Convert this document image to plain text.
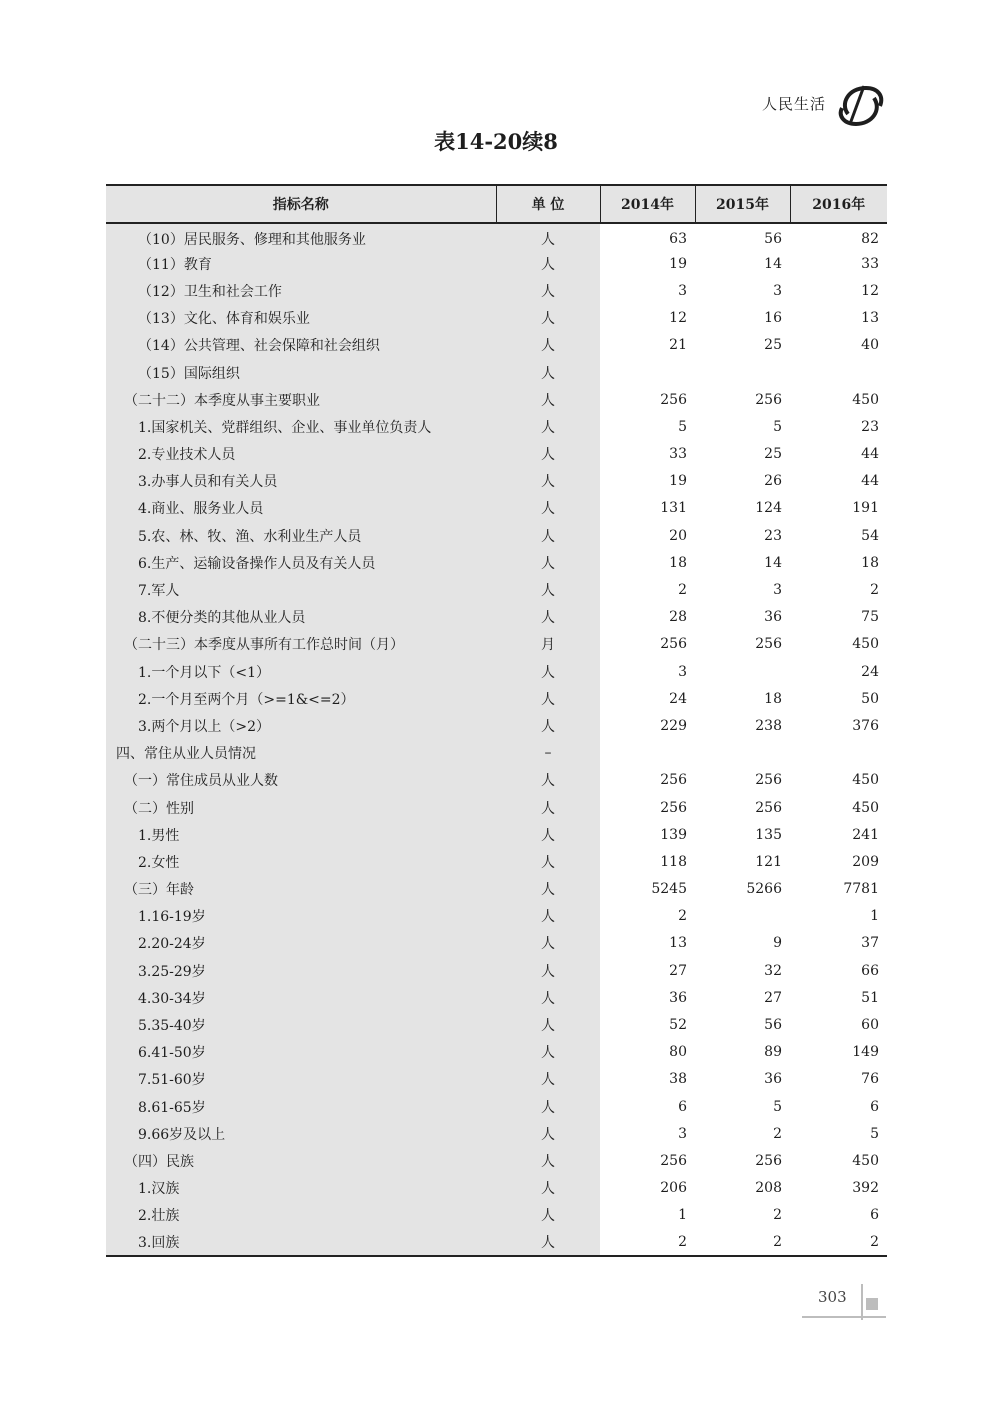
人民生活
表14-20续8
指标名称	单 位	2014年	2015年	2016年
（10）居民服务、修理和其他服务业	人	63	56	82
（11）教育	人	19	14	33
（12）卫生和社会工作	人	3	3	12
（13）文化、体育和娱乐业	人	12	16	13
（14）公共管理、社会保障和社会组织	人	21	25	40
（15）国际组织	人			
（二十二）本季度从事主要职业	人	256	256	450
1.国家机关、党群组织、企业、事业单位负责人	人	5	5	23
2.专业技术人员	人	33	25	44
3.办事人员和有关人员	人	19	26	44
4.商业、服务业人员	人	131	124	191
5.农、林、牧、渔、水利业生产人员	人	20	23	54
6.生产、运输设备操作人员及有关人员	人	18	14	18
7.军人	人	2	3	2
8.不便分类的其他从业人员	人	28	36	75
（二十三）本季度从事所有工作总时间（月）	月	256	256	450
1.一个月以下（<1）	人	3		24
2.一个月至两个月（>=1&<=2）	人	24	18	50
3.两个月以上（>2）	人	229	238	376
四、常住从业人员情况	–			
（一）常住成员从业人数	人	256	256	450
（二）性别	人	256	256	450
1.男性	人	139	135	241
2.女性	人	118	121	209
（三）年龄	人	5245	5266	7781
1.16-19岁	人	2		1
2.20-24岁	人	13	9	37
3.25-29岁	人	27	32	66
4.30-34岁	人	36	27	51
5.35-40岁	人	52	56	60
6.41-50岁	人	80	89	149
7.51-60岁	人	38	36	76
8.61-65岁	人	6	5	6
9.66岁及以上	人	3	2	5
（四）民族	人	256	256	450
1.汉族	人	206	208	392
2.壮族	人	1	2	6
3.回族	人	2	2	2
303
